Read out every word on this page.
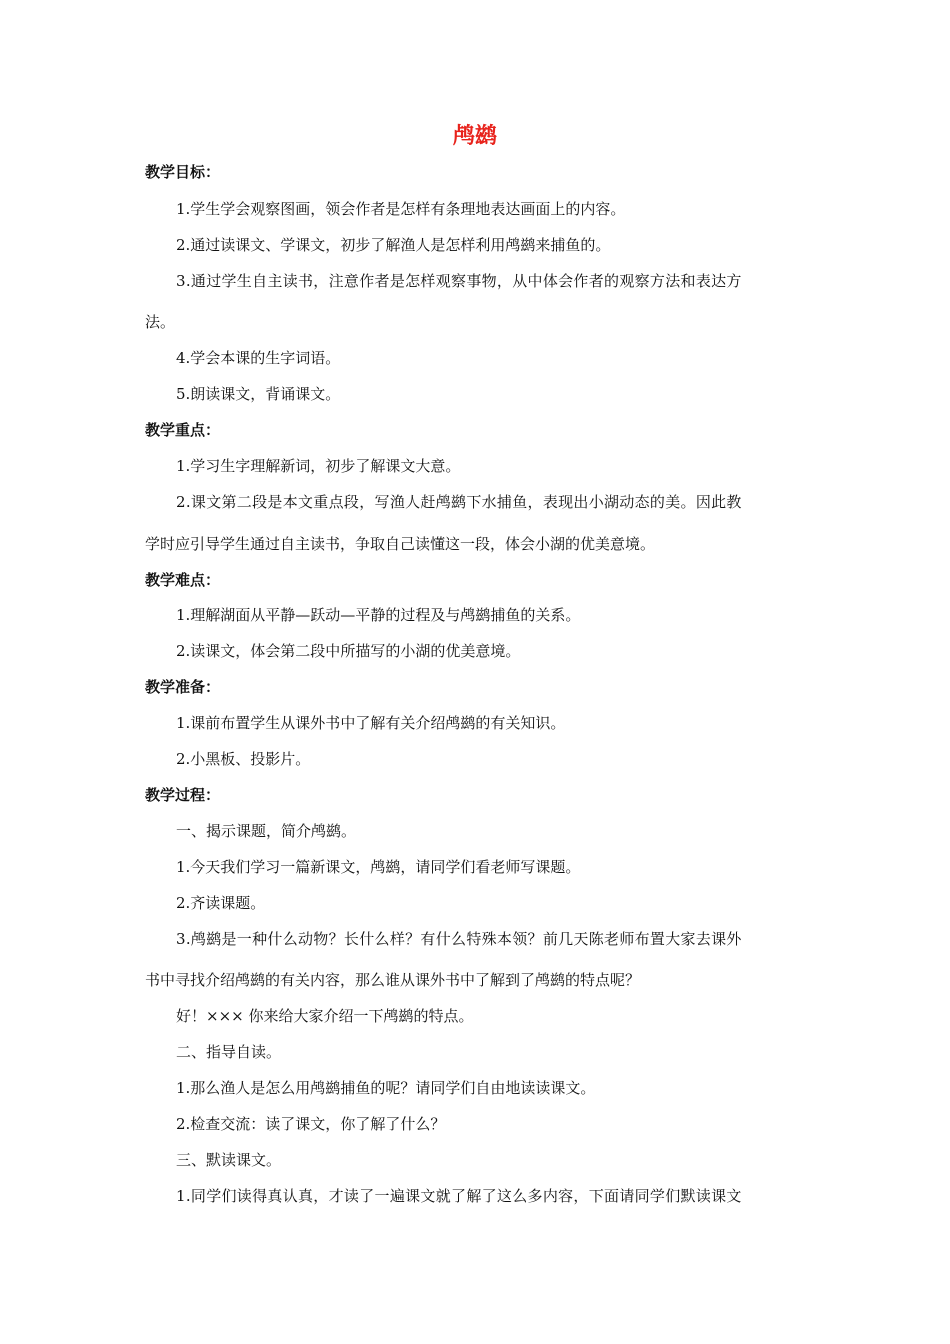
鸬鹚
教学目标：
1.学生学会观察图画，领会作者是怎样有条理地表达画面上的内容。
2.通过读课文、学课文，初步了解渔人是怎样利用鸬鹚来捕鱼的。
3.通过学生自主读书，注意作者是怎样观察事物，从中体会作者的观察方法和表达方
法。
4.学会本课的生字词语。
5.朗读课文，背诵课文。
教学重点：
1.学习生字理解新词，初步了解课文大意。
2.课文第二段是本文重点段，写渔人赶鸬鹚下水捕鱼，表现出小湖动态的美。因此教
学时应引导学生通过自主读书，争取自己读懂这一段，体会小湖的优美意境。
教学难点：
1.理解湖面从平静—跃动—平静的过程及与鸬鹚捕鱼的关系。
2.读课文，体会第二段中所描写的小湖的优美意境。
教学准备：
1.课前布置学生从课外书中了解有关介绍鸬鹚的有关知识。
2.小黑板、投影片。
教学过程：
一、揭示课题，简介鸬鹚。
1.今天我们学习一篇新课文，鸬鹚，请同学们看老师写课题。
2.齐读课题。
3.鸬鹚是一种什么动物？长什么样？有什么特殊本领？前几天陈老师布置大家去课外
书中寻找介绍鸬鹚的有关内容，那么谁从课外书中了解到了鸬鹚的特点呢？
好！××× 你来给大家介绍一下鸬鹚的特点。
二、指导自读。
1.那么渔人是怎么用鸬鹚捕鱼的呢？请同学们自由地读读课文。
2.检查交流：读了课文，你了解了什么？
三、默读课文。
1.同学们读得真认真，才读了一遍课文就了解了这么多内容，下面请同学们默读课文
